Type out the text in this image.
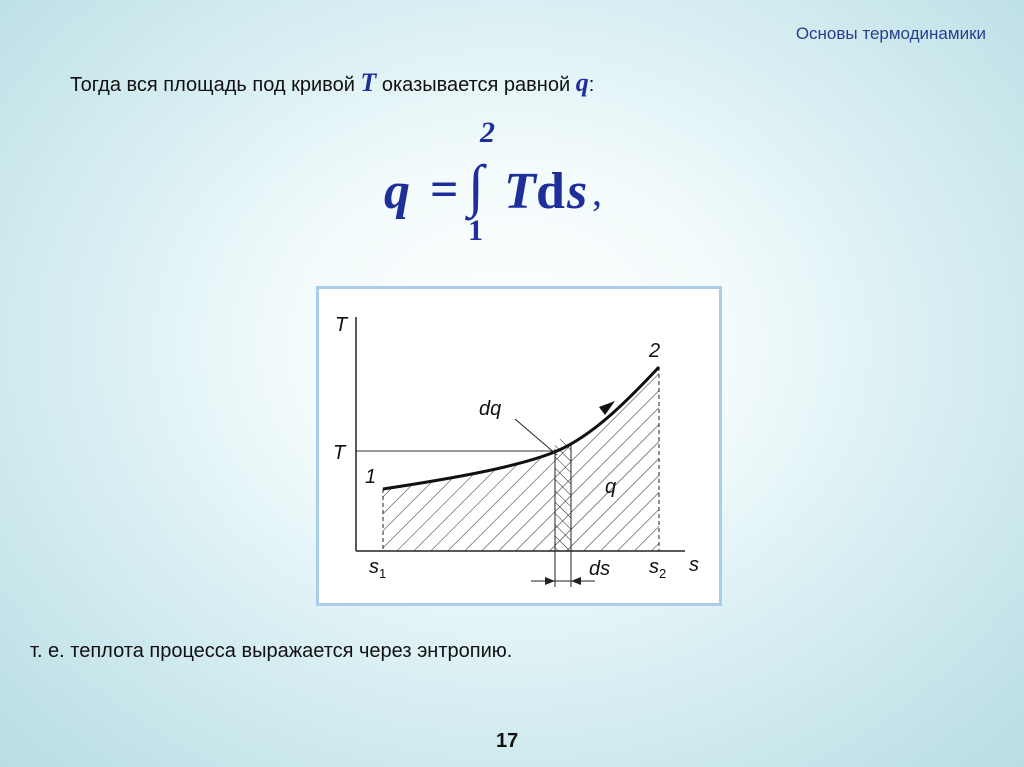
Основы термодинамики
Тогда вся площадь под кривой T оказывается равной q:
q =
2
∫
1
T d s ,
T
s
T
1
2
dq
q
$s_1$	$s_2$
ds
т. е. теплота процесса выражается через энтропию.
17
